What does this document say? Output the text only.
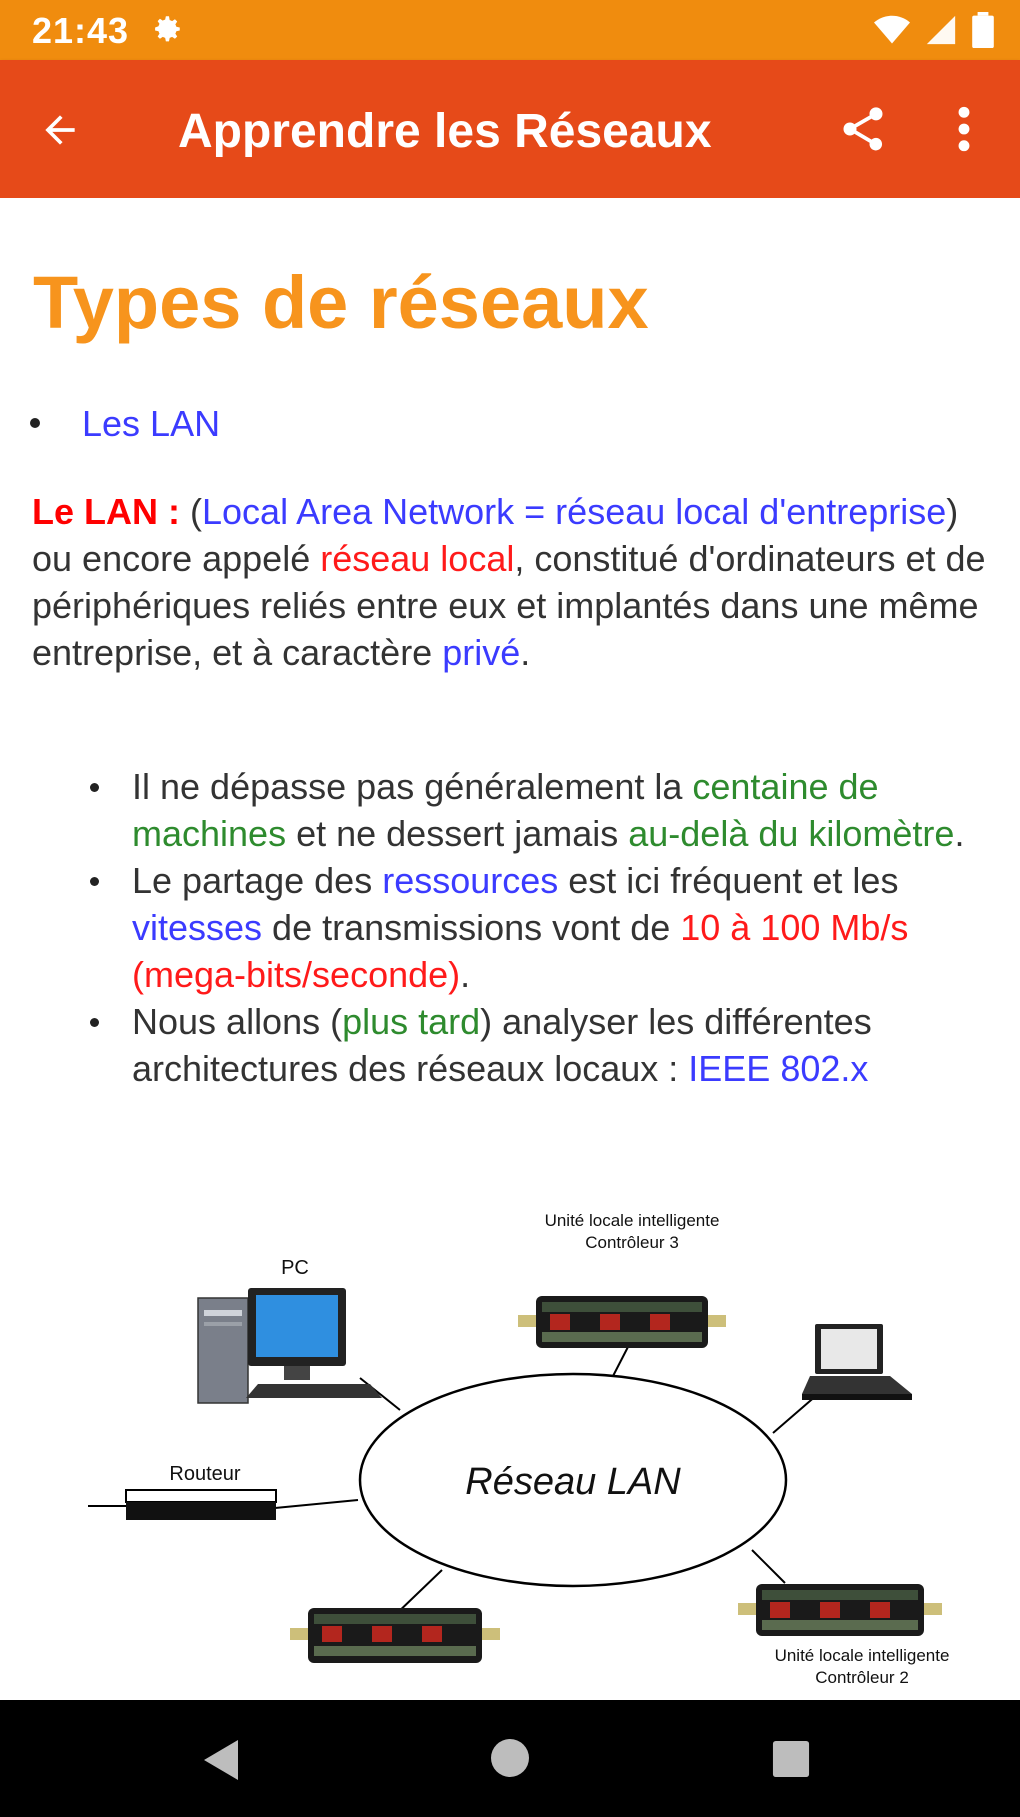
21:43
Apprendre les Réseaux
Types de réseaux
Les LAN

Le LAN : (Local Area Network = réseau local d'entreprise) ou encore appelé réseau local, constitué d'ordinateurs et de périphériques reliés entre eux et implantés dans une même entreprise, et à caractère privé.

Il ne dépasse pas généralement la centaine de machines et ne dessert jamais au-delà du kilomètre.
Le partage des ressources est ici fréquent et les vitesses de transmissions vont de 10 à 100 Mb/s (mega-bits/seconde).
Nous allons (plus tard) analyser les différentes architectures des réseaux locaux : IEEE 802.x
Réseau LAN
PC
Unité locale intelligente
Contrôleur 3
Routeur
Unité locale intelligente
Contrôleur 2
